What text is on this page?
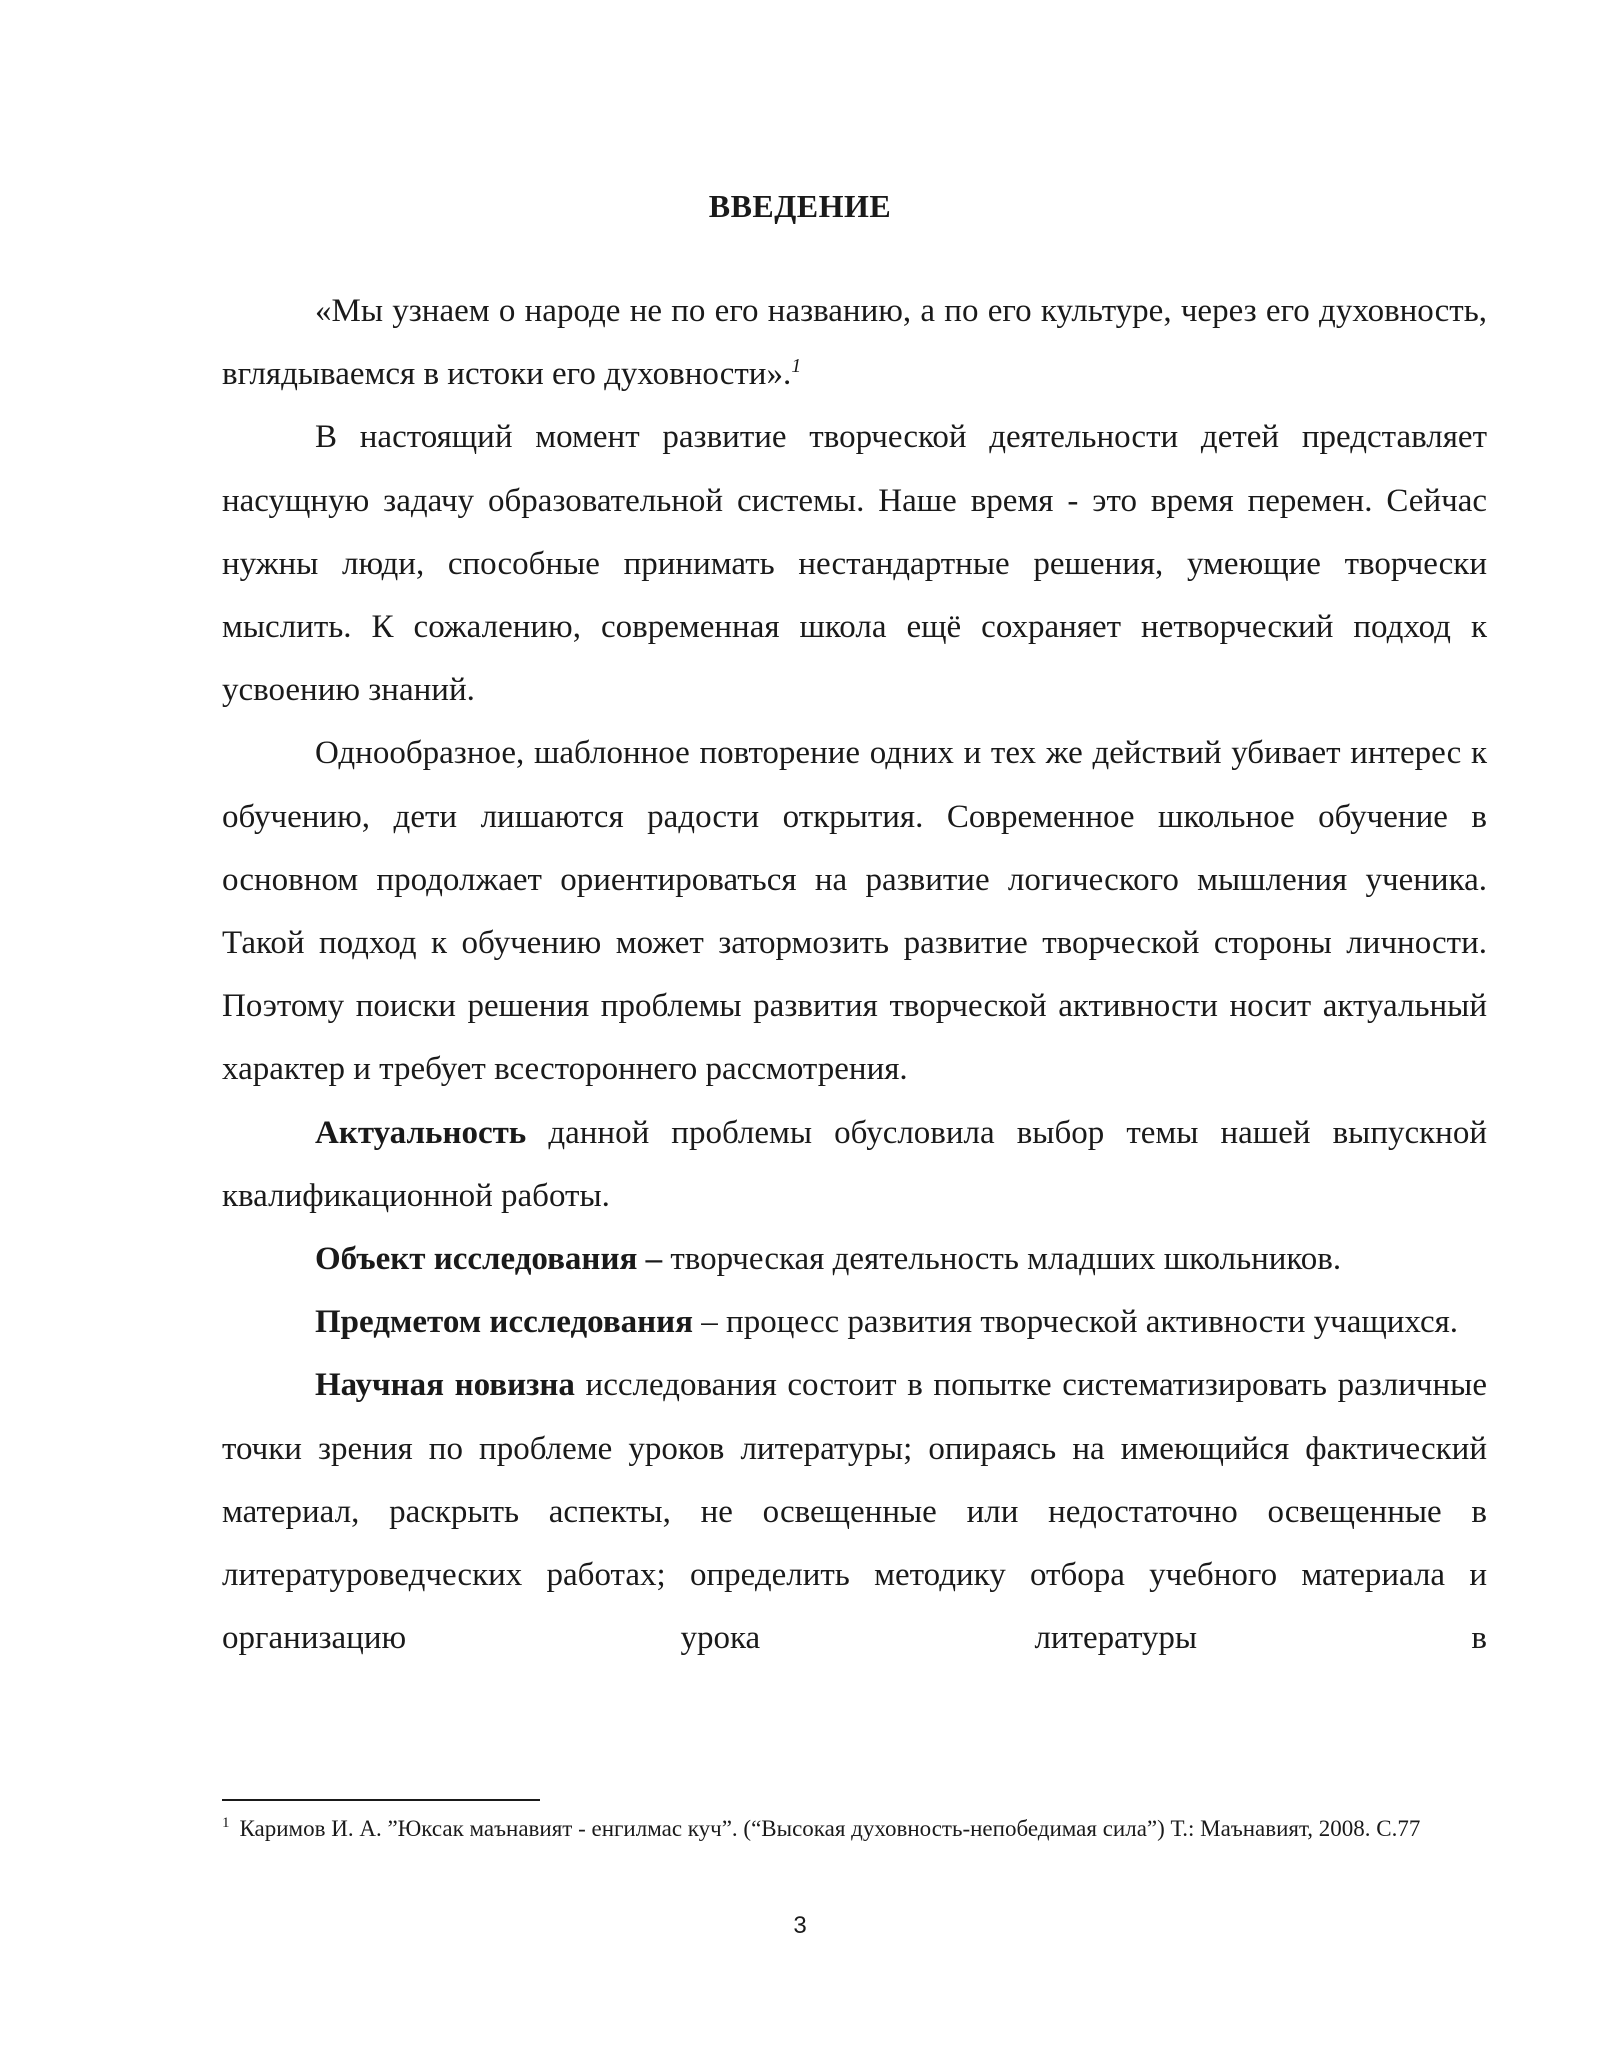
ВВЕДЕНИЕ

«Мы узнаем о народе не по его названию, а по его культуре, через его духовность, вглядываемся в истоки его духовности».$^1$

В настоящий момент развитие творческой деятельности детей представляет насущную задачу образовательной системы. Наше время - это время перемен. Сейчас нужны люди, способные принимать нестандартные решения, умеющие творчески мыслить. К сожалению, современная школа ещё сохраняет нетворческий подход к усвоению знаний.

Однообразное, шаблонное повторение одних и тех же действий убивает интерес к обучению, дети лишаются радости открытия. Современное школьное обучение в основном продолжает ориентироваться на развитие логического мышления ученика. Такой подход к обучению может затормозить развитие творческой стороны личности. Поэтому поиски решения проблемы развития творческой активности носит актуальный характер и требует всестороннего рассмотрения.

Актуальность данной проблемы обусловила выбор темы нашей выпускной квалификационной работы.

Объект исследования – творческая деятельность младших школьников.

Предметом исследования – процесс развития творческой активности учащихся.

Научная новизна исследования состоит в попытке систематизировать различные точки зрения по проблеме уроков литературы; опираясь на имеющийся фактический материал, раскрыть аспекты, не освещенные или недостаточно освещенные в литературоведческих работах; определить методику отбора учебного материала и организацию урока литературы в

$^1$ Каримов И. А. ”Юксак маънавият - енгилмас куч”. (“Высокая духовность-непобедимая сила”) Т.: Маънавият, 2008. С.77
3
